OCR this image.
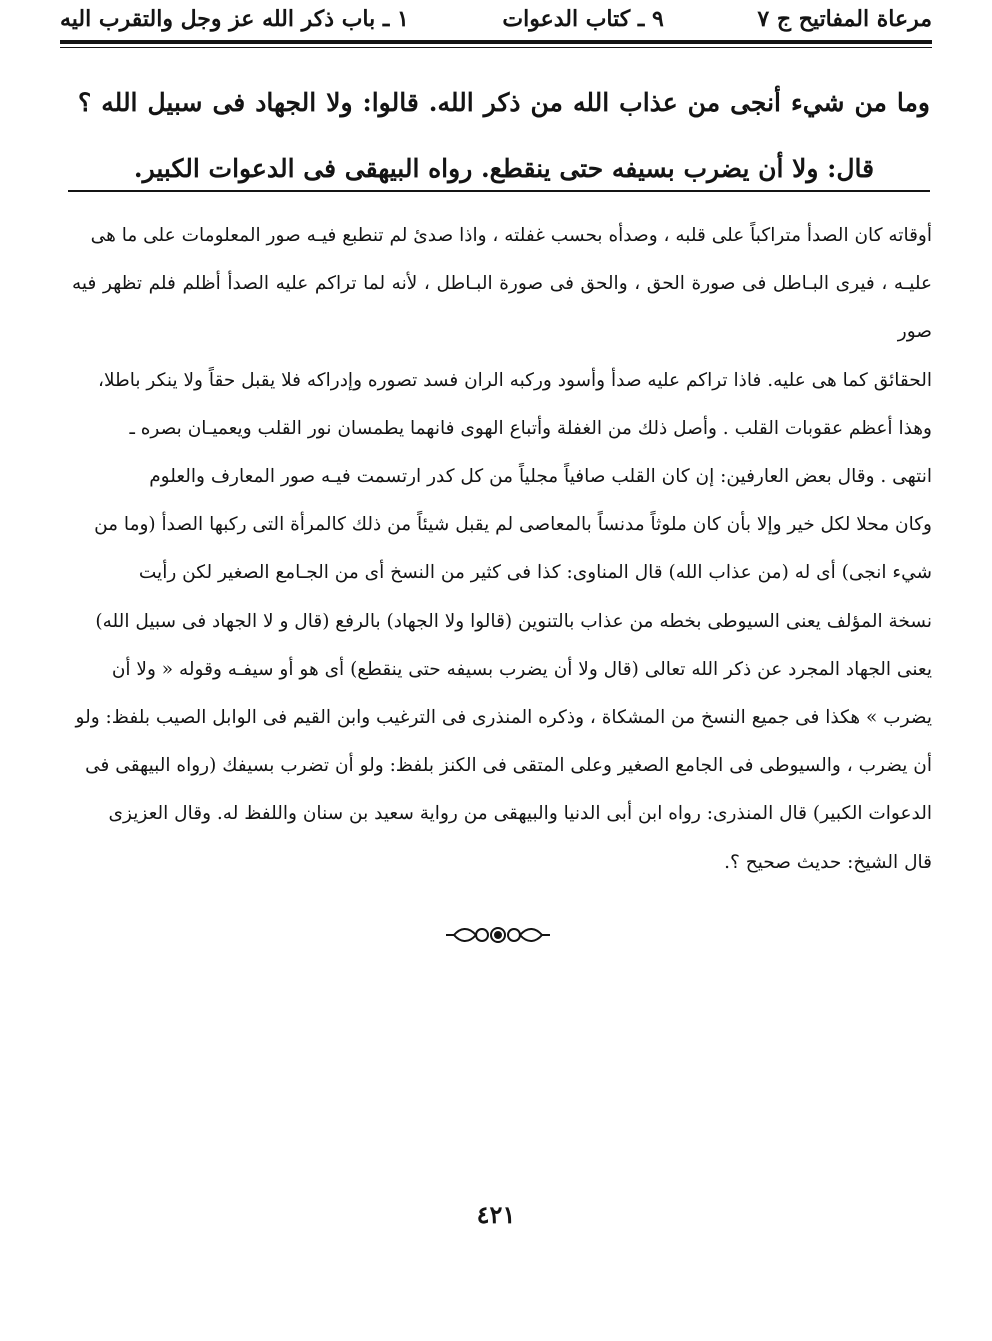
مرعاة المفاتيح ج ٧
٩ ـ كتاب الدعوات
١ ـ باب ذكر الله عز وجل والتقرب اليه
وما من شيء أنجى من عذاب الله من ذكر الله. قالوا: ولا الجهاد فى سبيل الله ؟ قال: ولا أن يضرب بسيفه حتى ينقطع. رواه البيهقى فى الدعوات الكبير.
أوقاته كان الصدأ متراكباً على قلبه ، وصدأه بحسب غفلته ، واذا صدئ لم تنطبع فيـه صور المعلومات على ما هى
عليـه ، فيرى البـاطل فى صورة الحق ، والحق فى صورة البـاطل ، لأنه لما تراكم عليه الصدأ أظلم فلم تظهر فيه صور
الحقائق كما هى عليه. فاذا تراكم عليه صدأ وأسود وركبه الران فسد تصوره وإدراكه فلا يقبل حقاً ولا ينكر باطلا،
وهذا أعظم عقوبات القلب . وأصل ذلك من الغفلة وأتباع الهوى فانهما يطمسان نور القلب ويعميـان بصره ـ
انتهى . وقال بعض العارفين: إن كان القلب صافياً مجلياً من كل كدر ارتسمت فيـه صور المعارف والعلوم
وكان محلا لكل خير وإلا بأن كان ملوثاً مدنساً بالمعاصى لم يقبل شيئاً من ذلك كالمرأة التى ركبها الصدأ (وما من
شيء انجى) أى له (من عذاب الله) قال المناوى: كذا فى كثير من النسخ أى من الجـامع الصغير لكن رأيت
نسخة المؤلف يعنى السيوطى بخطه من عذاب بالتنوين (قالوا ولا الجهاد) بالرفع (قال و لا الجهاد فى سبيل الله)
يعنى الجهاد المجرد عن ذكر الله تعالى (قال ولا أن يضرب بسيفه حتى ينقطع) أى هو أو سيفـه وقوله « ولا أن
يضرب » هكذا فى جميع النسخ من المشكاة ، وذكره المنذرى فى الترغيب وابن القيم فى الوابل الصيب بلفظ: ولو
أن يضرب ، والسيوطى فى الجامع الصغير وعلى المتقى فى الكنز بلفظ: ولو أن تضرب بسيفك (رواه البيهقى فى
الدعوات الكبير) قال المنذرى: رواه ابن أبى الدنيا والبيهقى من رواية سعيد بن سنان واللفظ له. وقال العزيزى
قال الشيخ: حديث صحيح ؟.
٤٢١
